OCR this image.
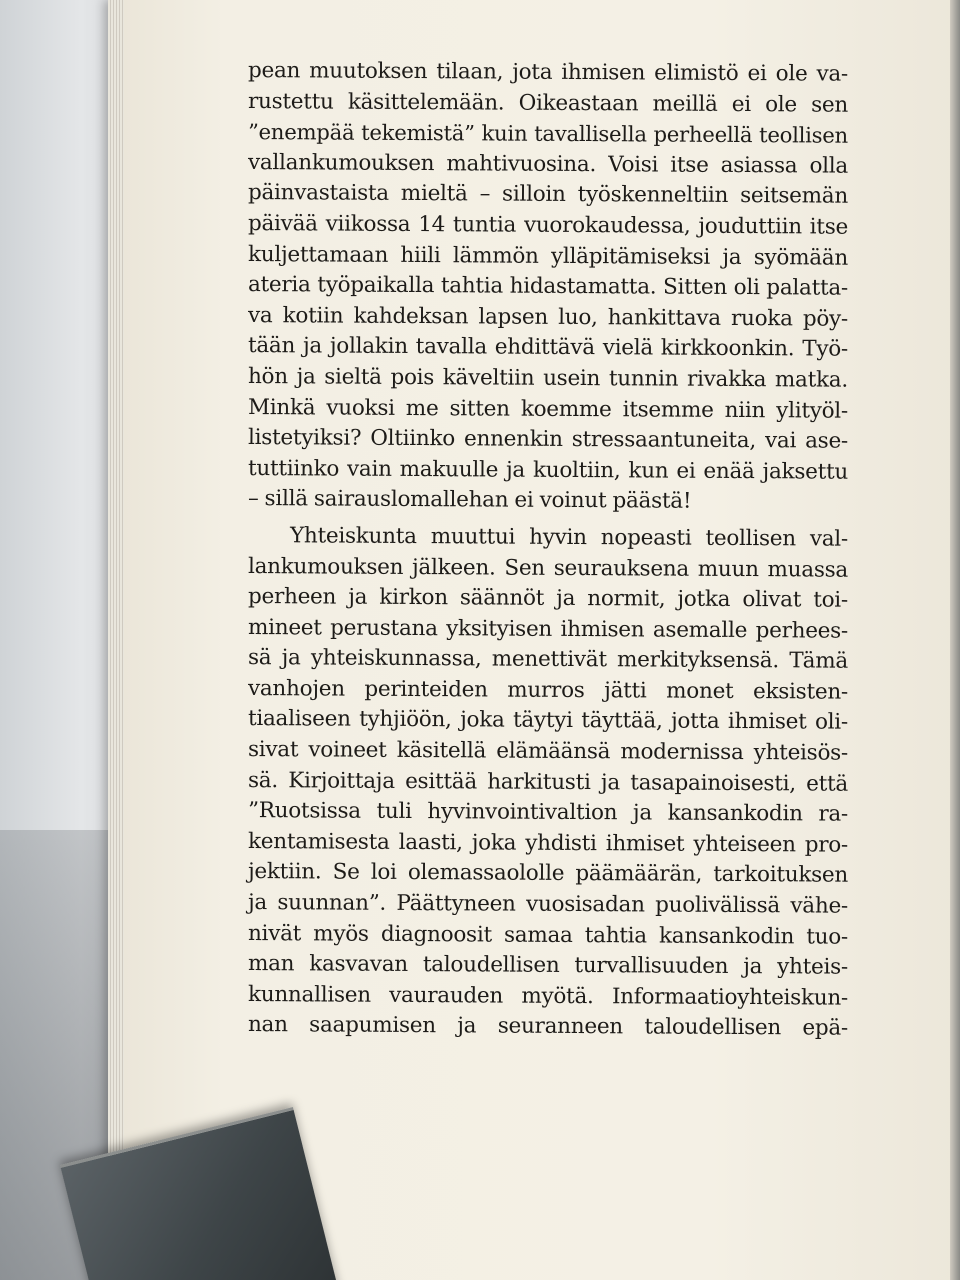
pean muutoksen tilaan, jota ihmisen elimistö ei ole va-
rustettu käsittelemään. Oikeastaan meillä ei ole sen
”enempää tekemistä” kuin tavallisella perheellä teollisen
vallankumouksen mahtivuosina. Voisi itse asiassa olla
päinvastaista mieltä – silloin työskenneltiin seitsemän
päivää viikossa 14 tuntia vuorokaudessa, jouduttiin itse
kuljettamaan hiili lämmön ylläpitämiseksi ja syömään
ateria työpaikalla tahtia hidastamatta. Sitten oli palatta-
va kotiin kahdeksan lapsen luo, hankittava ruoka pöy-
tään ja jollakin tavalla ehdittävä vielä kirkkoonkin. Työ-
hön ja sieltä pois käveltiin usein tunnin rivakka matka.
Minkä vuoksi me sitten koemme itsemme niin ylityöl-
listetyiksi? Oltiinko ennenkin stressaantuneita, vai ase-
tuttiinko vain makuulle ja kuoltiin, kun ei enää jaksettu
– sillä sairauslomallehan ei voinut päästä!
Yhteiskunta muuttui hyvin nopeasti teollisen val-
lankumouksen jälkeen. Sen seurauksena muun muassa
perheen ja kirkon säännöt ja normit, jotka olivat toi-
mineet perustana yksityisen ihmisen asemalle perhees-
sä ja yhteiskunnassa, menettivät merkityksensä. Tämä
vanhojen perinteiden murros jätti monet eksisten-
tiaaliseen tyhjiöön, joka täytyi täyttää, jotta ihmiset oli-
sivat voineet käsitellä elämäänsä modernissa yhteisös-
sä. Kirjoittaja esittää harkitusti ja tasapainoisesti, että
”Ruotsissa tuli hyvinvointivaltion ja kansankodin ra-
kentamisesta laasti, joka yhdisti ihmiset yhteiseen pro-
jektiin. Se loi olemassaololle päämäärän, tarkoituksen
ja suunnan”. Päättyneen vuosisadan puolivälissä vähe-
nivät myös diagnoosit samaa tahtia kansankodin tuo-
man kasvavan taloudellisen turvallisuuden ja yhteis-
kunnallisen vaurauden myötä. Informaatioyhteiskun-
nan saapumisen ja seuranneen taloudellisen epä-
